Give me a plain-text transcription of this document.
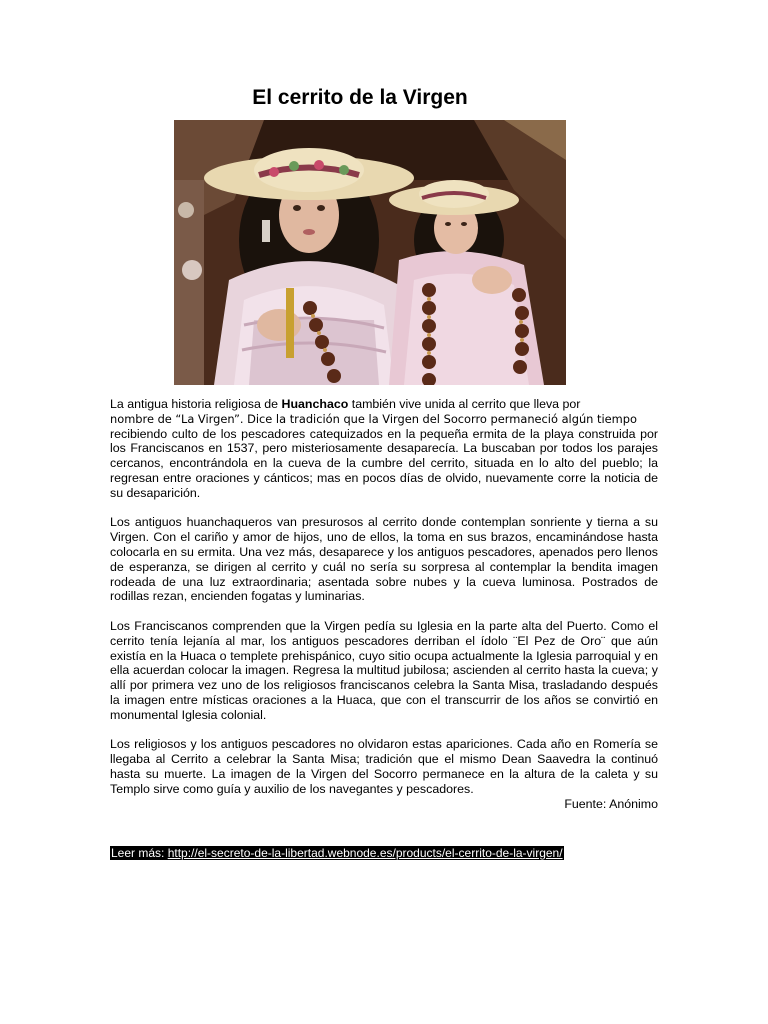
El cerrito de la Virgen

La antigua historia religiosa de Huanchaco también vive unida al cerrito que lleva por
nombre de “La Virgen”. Dice la tradición que la Virgen del Socorro permaneció algún tiempo
recibiendo culto de los pescadores catequizados en la pequeña ermita de la playa construida por los Franciscanos en 1537, pero misteriosamente desaparecía. La buscaban por todos los parajes cercanos, encontrándola en la cueva de la cumbre del cerrito, situada en lo alto del pueblo; la regresan entre oraciones y cánticos; mas en pocos días de olvido, nuevamente corre la noticia de su desaparición.

Los antiguos huanchaqueros van presurosos al cerrito donde contemplan sonriente y tierna a su Virgen. Con el cariño y amor de hijos, uno de ellos, la toma en sus brazos, encaminándose hasta colocarla en su ermita. Una vez más, desaparece y los antiguos pescadores, apenados pero llenos de esperanza, se dirigen al cerrito y cuál no sería su sorpresa al contemplar la bendita imagen rodeada de una luz extraordinaria; asentada sobre nubes y la cueva luminosa. Postrados de rodillas rezan, encienden fogatas y luminarias.

Los Franciscanos comprenden que la Virgen pedía su Iglesia en la parte alta del Puerto. Como el cerrito tenía lejanía al mar, los antiguos pescadores derriban el ídolo ¨El Pez de Oro¨ que aún existía en la Huaca o templete prehispánico, cuyo sitio ocupa actualmente la Iglesia parroquial y en ella acuerdan colocar la imagen. Regresa la multitud jubilosa; ascienden al cerrito hasta la cueva; y allí por primera vez uno de los religiosos franciscanos celebra la Santa Misa, trasladando después la imagen entre místicas oraciones a la Huaca, que con el transcurrir de los años se convirtió en monumental Iglesia colonial.

Los religiosos y los antiguos pescadores no olvidaron estas apariciones. Cada año en Romería se llegaba al Cerrito a celebrar la Santa Misa; tradición que el mismo Dean Saavedra la continuó hasta su muerte. La imagen de la Virgen del Socorro permanece en la altura de la caleta y su Templo sirve como guía y auxilio de los navegantes y pescadores.

Fuente: Anónimo

Leer más: http://el-secreto-de-la-libertad.webnode.es/products/el-cerrito-de-la-virgen/
